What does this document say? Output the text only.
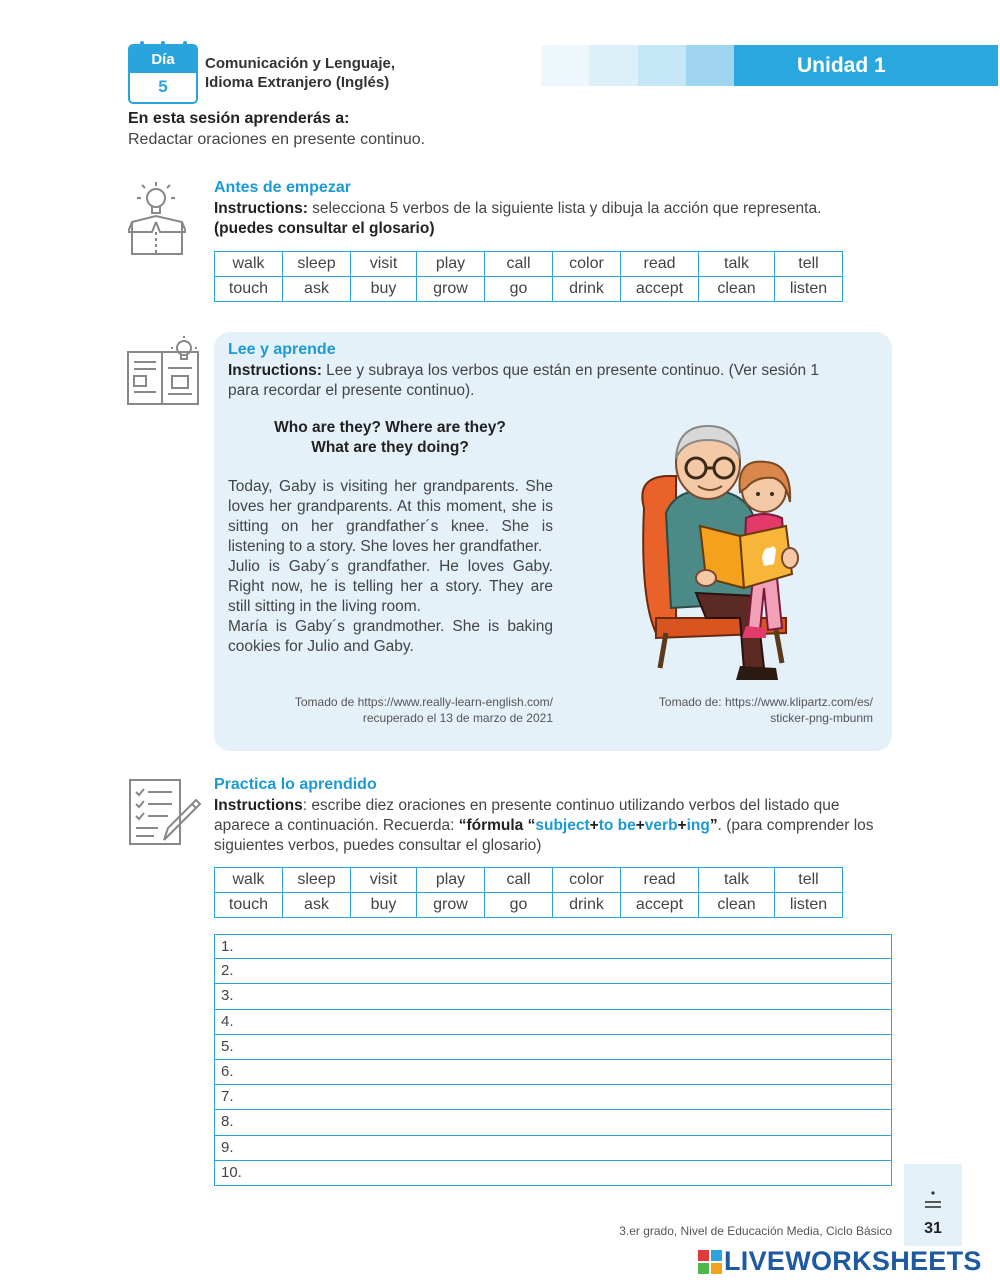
Día
5
Comunicación y Lenguaje,
Idioma Extranjero (Inglés)
Unidad 1
En esta sesión aprenderás a:
Redactar oraciones en presente continuo.
Antes de empezar
Instructions: selecciona 5 verbos de la siguiente lista y dibuja la acción que representa.
(puedes consultar el glosario)
walk	sleep	visit	play	call	color	read	talk	tell
touch	ask	buy	grow	go	drink	accept	clean	listen
Lee y aprende
Instructions: Lee y subraya los verbos que están en presente continuo. (Ver sesión 1 para recordar el presente continuo).
Who are they? Where are they?
What are they doing?
Today, Gaby is visiting her grandparents. She loves her grandparents. At this moment, she is sitting on her grandfather´s knee. She is listening to a story. She loves her grandfather.
Julio is Gaby´s grandfather. He loves Gaby. Right now, he is telling her a story. They are still sitting in the living room.
María is Gaby´s grandmother. She is baking cookies for Julio and Gaby.
Tomado de https://www.really-learn-english.com/
recuperado el 13 de marzo de 2021
Tomado de: https://www.klipartz.com/es/
sticker-png-mbunm
Practica lo aprendido
Instructions: escribe diez oraciones en presente continuo utilizando verbos del listado que aparece a continuación. Recuerda: “fórmula “subject+to be+verb+ing”. (para comprender los siguientes verbos, puedes consultar el glosario)
walk	sleep	visit	play	call	color	read	talk	tell
touch	ask	buy	grow	go	drink	accept	clean	listen
1.
2.
3.
4.
5.
6.
7.
8.
9.
10.
3.er grado, Nivel de Educación Media, Ciclo Básico	31
LIVEWORKSHEETS
